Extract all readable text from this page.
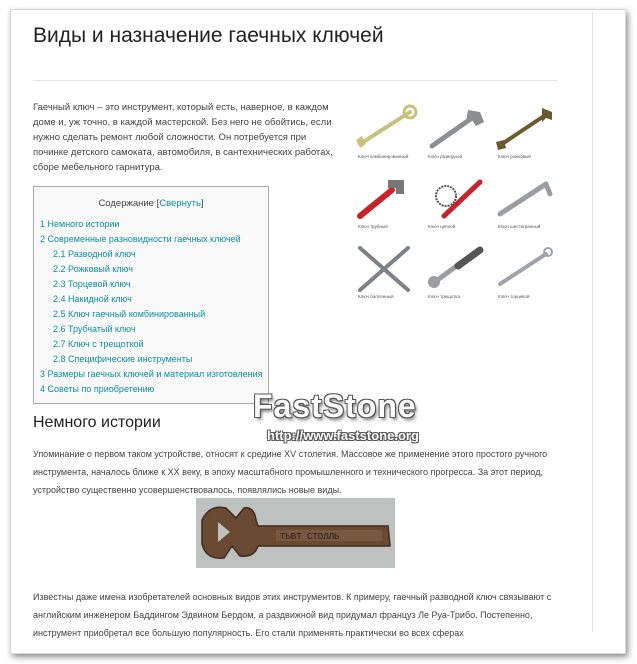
Виды и назначение гаечных ключей

Гаечный ключ – это инструмент, который есть, наверное, в каждом доме и, уж точно, в каждой мастерской. Без него не обойтись, если нужно сделать ремонт любой сложности. Он потребуется при починке детского самоката, автомобиля, в сантехнических работах, сборе мебельного гарнитура.

Содержание [Свернуть]
1 Немного истории
2 Современные разновидности гаечных ключей
2.1 Разводной ключ
2.2 Рожковый ключ
2.3 Торцевой ключ
2.4 Накидной ключ
2.5 Ключ гаечный комбинированный
2.6 Трубчатый ключ
2.7 Ключ с трещоткой
2.8 Специфические инструменты
3 Размеры гаечных ключей и материал изготовления
4 Советы по приобретению
Ключ комбинированный	Ключ разводной	Ключ рожковый
Ключ трубный	Ключ цепной	Ключ шестигранный
Ключ баллонный	Ключ трещотка	Ключ торцевой
Немного истории

Упоминание о первом таком устройстве, относят к средине XV столетия. Массовое же применение этого простого ручного инструмента, началось ближе к XX веку, в эпоху масштабного промышленного и технического прогресса. За этот период, устройство существенно усовершенствовалось, появлялись новые виды.

ТЬВТ СТОЛЛЬ

Известны даже имена изобретателей основных видов этих инструментов. К примеру, гаечный разводной ключ связывают с английским инженером Баддингом Эдвином Бердом, а раздвижной вид придумал француз Ле Руа-Трибо. Постепенно, инструмент приобретал все большую популярность. Его стали применять практически во всех сферах

FastStone
http://www.faststone.org
